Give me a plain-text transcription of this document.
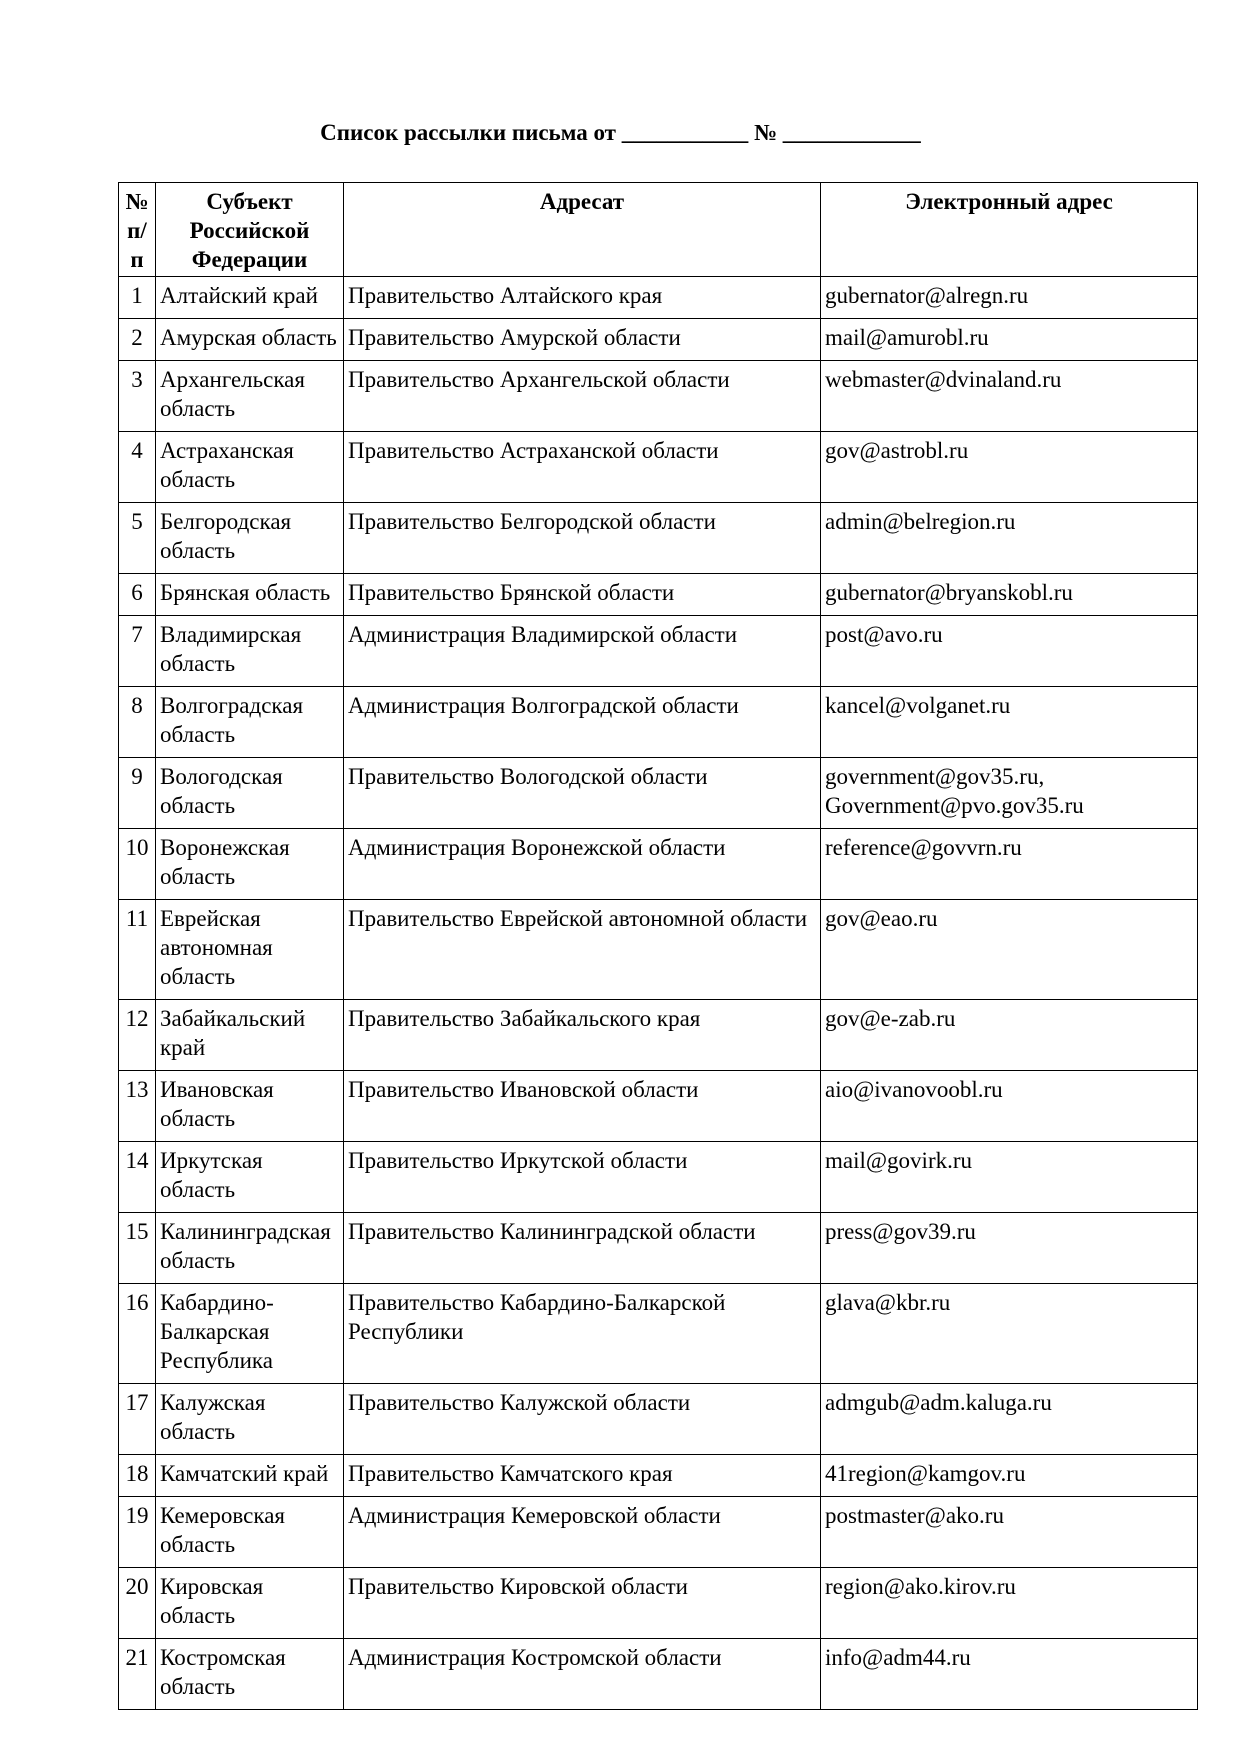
Список рассылки письма от ___________ № ____________
№ п/п	Субъект Российской Федерации	Адресат	Электронный адрес
1	Алтайский край	Правительство Алтайского края	gubernator@alregn.ru
2	Амурская область	Правительство Амурской области	mail@amurobl.ru
3	Архангельская область	Правительство Архангельской области	webmaster@dvinaland.ru
4	Астраханская область	Правительство Астраханской области	gov@astrobl.ru
5	Белгородская область	Правительство Белгородской области	admin@belregion.ru
6	Брянская область	Правительство Брянской области	gubernator@bryanskobl.ru
7	Владимирская область	Администрация Владимирской области	post@avo.ru
8	Волгоградская область	Администрация Волгоградской области	kancel@volganet.ru
9	Вологодская область	Правительство Вологодской области	government@gov35.ru, Government@pvo.gov35.ru
10	Воронежская область	Администрация Воронежской области	reference@govvrn.ru
11	Еврейская автономная область	Правительство Еврейской автономной области	gov@eao.ru
12	Забайкальский край	Правительство Забайкальского края	gov@e-zab.ru
13	Ивановская область	Правительство Ивановской области	aio@ivanovoobl.ru
14	Иркутская область	Правительство Иркутской области	mail@govirk.ru
15	Калининградская область	Правительство Калининградской области	press@gov39.ru
16	Кабардино-Балкарская Республика	Правительство Кабардино-Балкарской Республики	glava@kbr.ru
17	Калужская область	Правительство Калужской области	admgub@adm.kaluga.ru
18	Камчатский край	Правительство Камчатского края	41region@kamgov.ru
19	Кемеровская область	Администрация Кемеровской области	postmaster@ako.ru
20	Кировская область	Правительство Кировской области	region@ako.kirov.ru
21	Костромская область	Администрация Костромской области	info@adm44.ru
